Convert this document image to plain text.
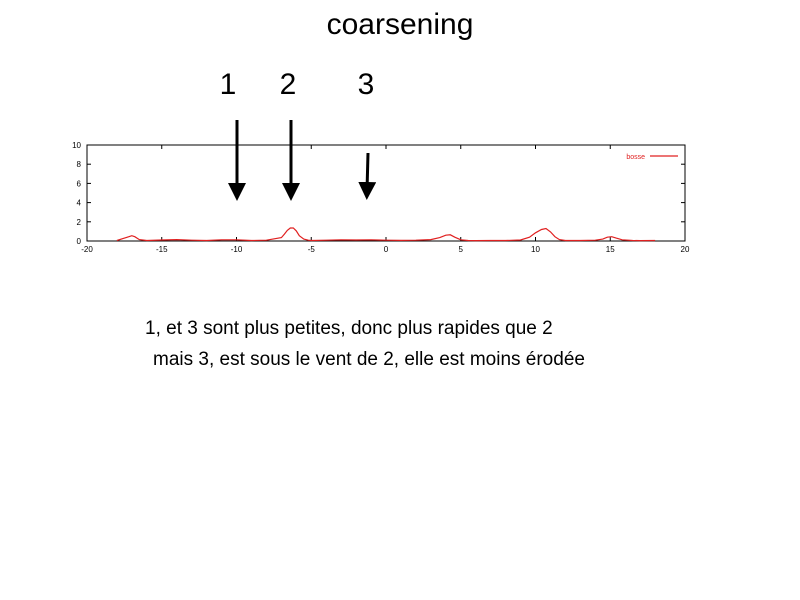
coarsening
1	2	3
-20	-15	-10	-5	0	5	10	15	20
0
2
4
6
8
10
bosse
1, et 3 sont plus petites, donc plus rapides que 2
mais 3, est sous le vent de 2, elle est moins érodée
